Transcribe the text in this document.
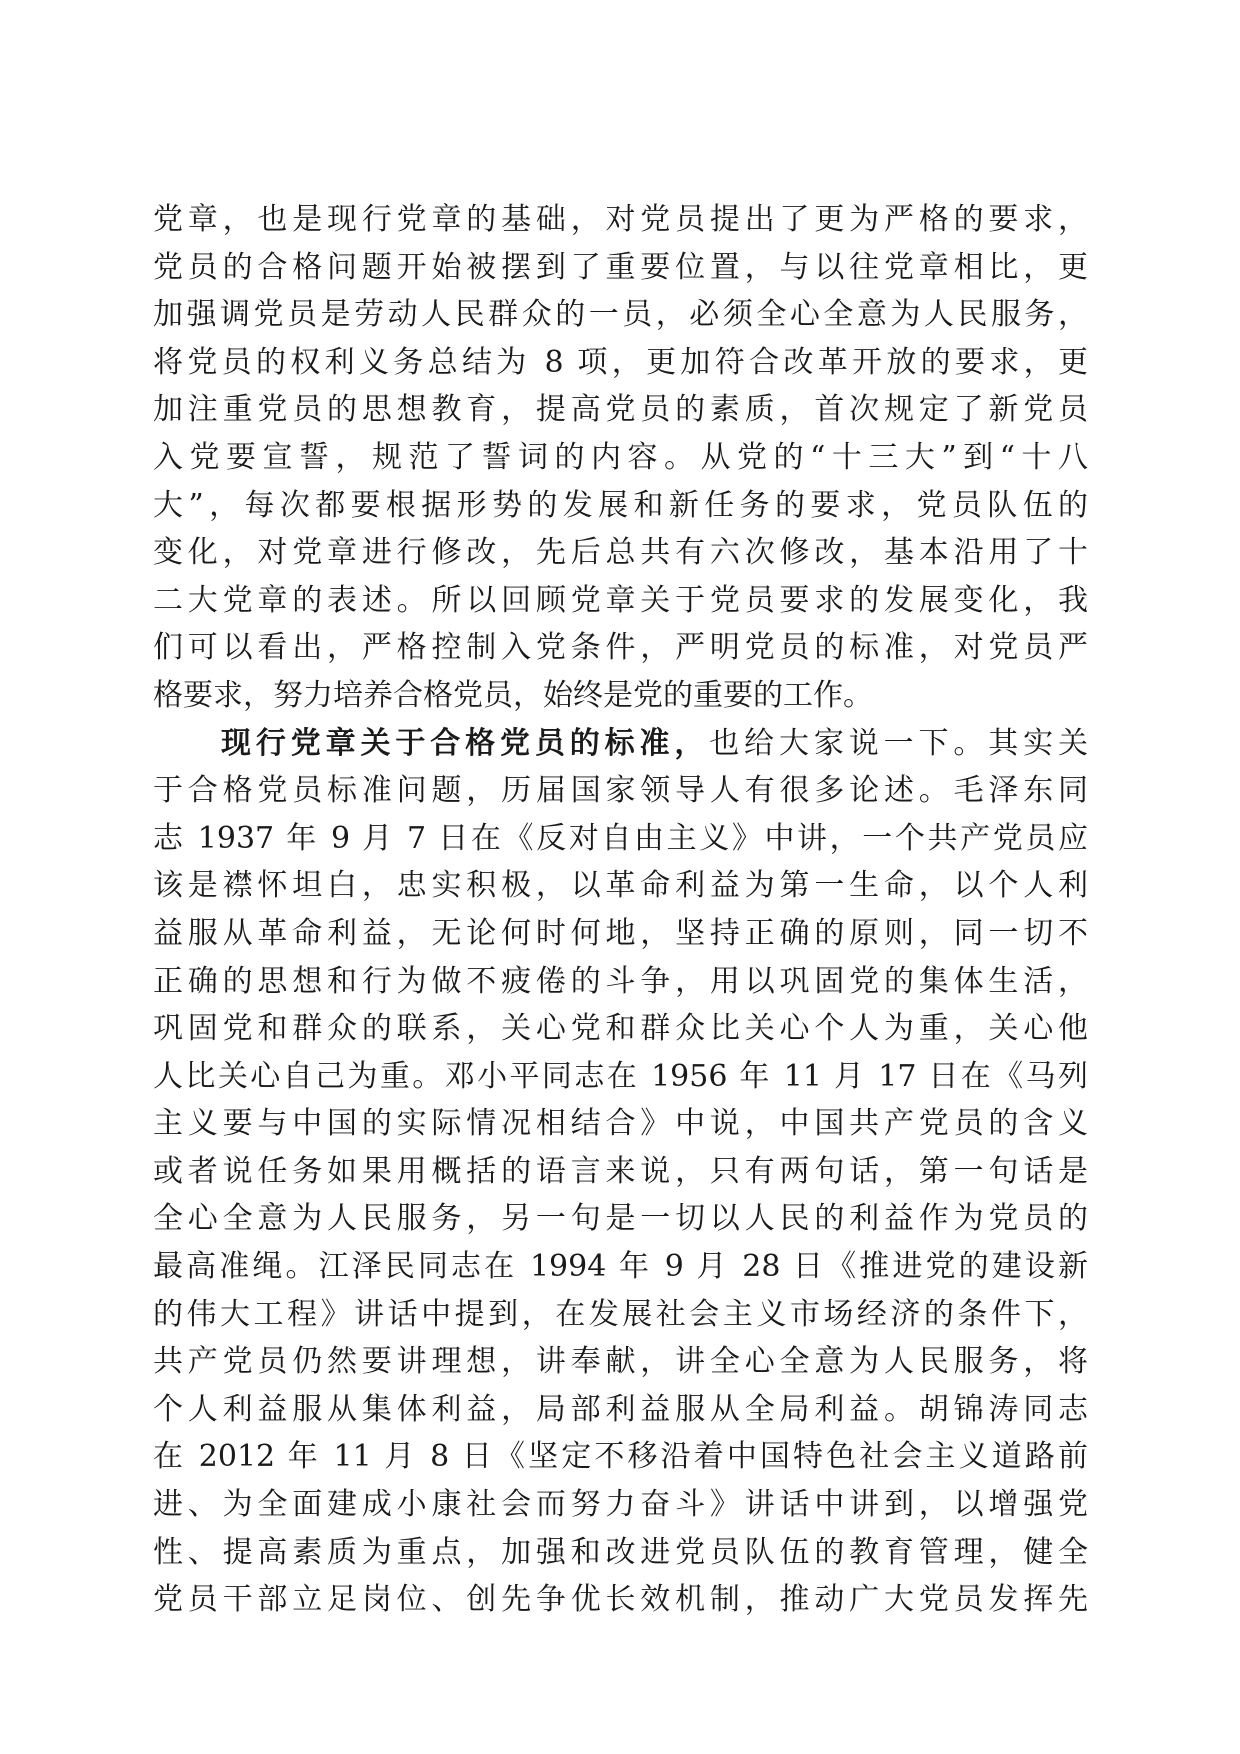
党章，也是现行党章的基础，对党员提出了更为严格的要求，
党员的合格问题开始被摆到了重要位置，与以往党章相比，更
加强调党员是劳动人民群众的一员，必须全心全意为人民服务，
将党员的权利义务总结为 8 项，更加符合改革开放的要求，更
加注重党员的思想教育，提高党员的素质，首次规定了新党员
入党要宣誓，规范了誓词的内容。从党的“十三大”到“十八
大”，每次都要根据形势的发展和新任务的要求，党员队伍的
变化，对党章进行修改，先后总共有六次修改，基本沿用了十
二大党章的表述。所以回顾党章关于党员要求的发展变化，我
们可以看出，严格控制入党条件，严明党员的标准，对党员严
格要求，努力培养合格党员，始终是党的重要的工作。
现行党章关于合格党员的标准，也给大家说一下。其实关
于合格党员标准问题，历届国家领导人有很多论述。毛泽东同
志 1937 年 9 月 7 日在《反对自由主义》中讲，一个共产党员应
该是襟怀坦白，忠实积极，以革命利益为第一生命，以个人利
益服从革命利益，无论何时何地，坚持正确的原则，同一切不
正确的思想和行为做不疲倦的斗争，用以巩固党的集体生活，
巩固党和群众的联系，关心党和群众比关心个人为重，关心他
人比关心自己为重。邓小平同志在 1956 年 11 月 17 日在《马列
主义要与中国的实际情况相结合》中说，中国共产党员的含义
或者说任务如果用概括的语言来说，只有两句话，第一句话是
全心全意为人民服务，另一句是一切以人民的利益作为党员的
最高准绳。江泽民同志在 1994 年 9 月 28 日《推进党的建设新
的伟大工程》讲话中提到，在发展社会主义市场经济的条件下，
共产党员仍然要讲理想，讲奉献，讲全心全意为人民服务，将
个人利益服从集体利益，局部利益服从全局利益。胡锦涛同志
在 2012 年 11 月 8 日《坚定不移沿着中国特色社会主义道路前
进、为全面建成小康社会而努力奋斗》讲话中讲到，以增强党
性、提高素质为重点，加强和改进党员队伍的教育管理，健全
党员干部立足岗位、创先争优长效机制，推动广大党员发挥先
